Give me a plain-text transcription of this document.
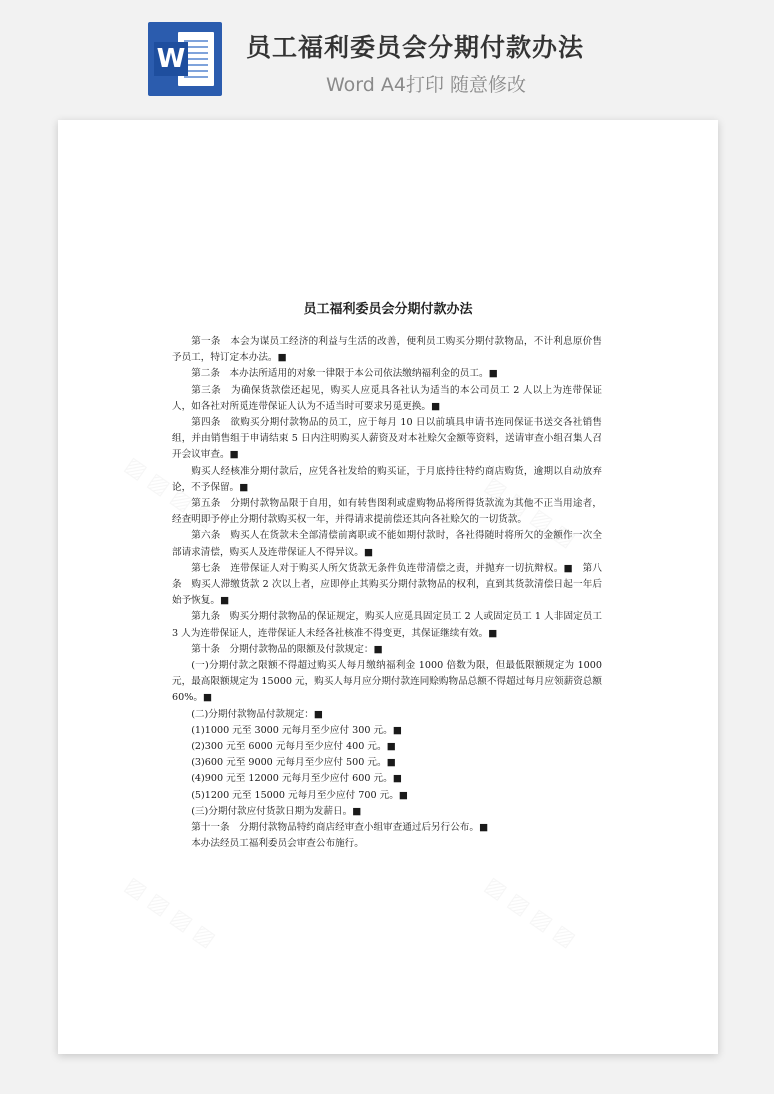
W 员工福利委员会分期付款办法
Word A4打印 随意修改
员工福利委员会分期付款办法

第一条　本会为谋员工经济的利益与生活的改善，便利员工购买分期付款物品，不计利息原价售予员工，特订定本办法。■

第二条　本办法所适用的对象一律限于本公司依法缴纳福利金的员工。■

第三条　为确保货款偿还起见，购买人应觅具各社认为适当的本公司员工 2 人以上为连带保证人，如各社对所觅连带保证人认为不适当时可要求另觅更换。■

第四条　欲购买分期付款物品的员工，应于每月 10 日以前填具申请书连同保证书送交各社销售组，并由销售组于申请结束 5 日内注明购买人薪资及对本社赊欠金额等资料，送请审查小组召集人召开会议审查。■

购买人经核准分期付款后，应凭各社发给的购买证，于月底持往特约商店购货，逾期以自动放弃论，不予保留。■

第五条　分期付款物品限于自用，如有转售图利或虚购物品将所得货款流为其他不正当用途者，经查明即予停止分期付款购买权一年，并得请求提前偿还其向各社赊欠的一切货款。

第六条　购买人在货款未全部清偿前离职或不能如期付款时，各社得随时将所欠的金额作一次全部请求清偿，购买人及连带保证人不得异议。■

第七条　连带保证人对于购买人所欠货款无条件负连带清偿之责，并抛弃一切抗辩权。■　第八条　购买人滞缴货款 2 次以上者，应即停止其购买分期付款物品的权利，直到其货款清偿日起一年后始予恢复。■

第九条　购买分期付款物品的保证规定，购买人应觅具固定员工 2 人或固定员工 1 人非固定员工 3 人为连带保证人，连带保证人未经各社核准不得变更，其保证继续有效。■

第十条　分期付款物品的限额及付款规定：■

(一)分期付款之限额不得超过购买人每月缴纳福利金 1000 倍数为限，但最低限额规定为 1000 元，最高限额规定为 15000 元，购买人每月应分期付款连同赊购物品总额不得超过每月应领薪资总额 60%。■

(二)分期付款物品付款规定：■

(1)1000 元至 3000 元每月至少应付 300 元。■

(2)300 元至 6000 元每月至少应付 400 元。■

(3)600 元至 9000 元每月至少应付 500 元。■

(4)900 元至 12000 元每月至少应付 600 元。■

(5)1200 元至 15000 元每月至少应付 700 元。■

(三)分期付款应付货款日期为发薪日。■

第十一条　分期付款物品特约商店经审查小组审查通过后另行公布。■

本办法经员工福利委员会审查公布施行。
